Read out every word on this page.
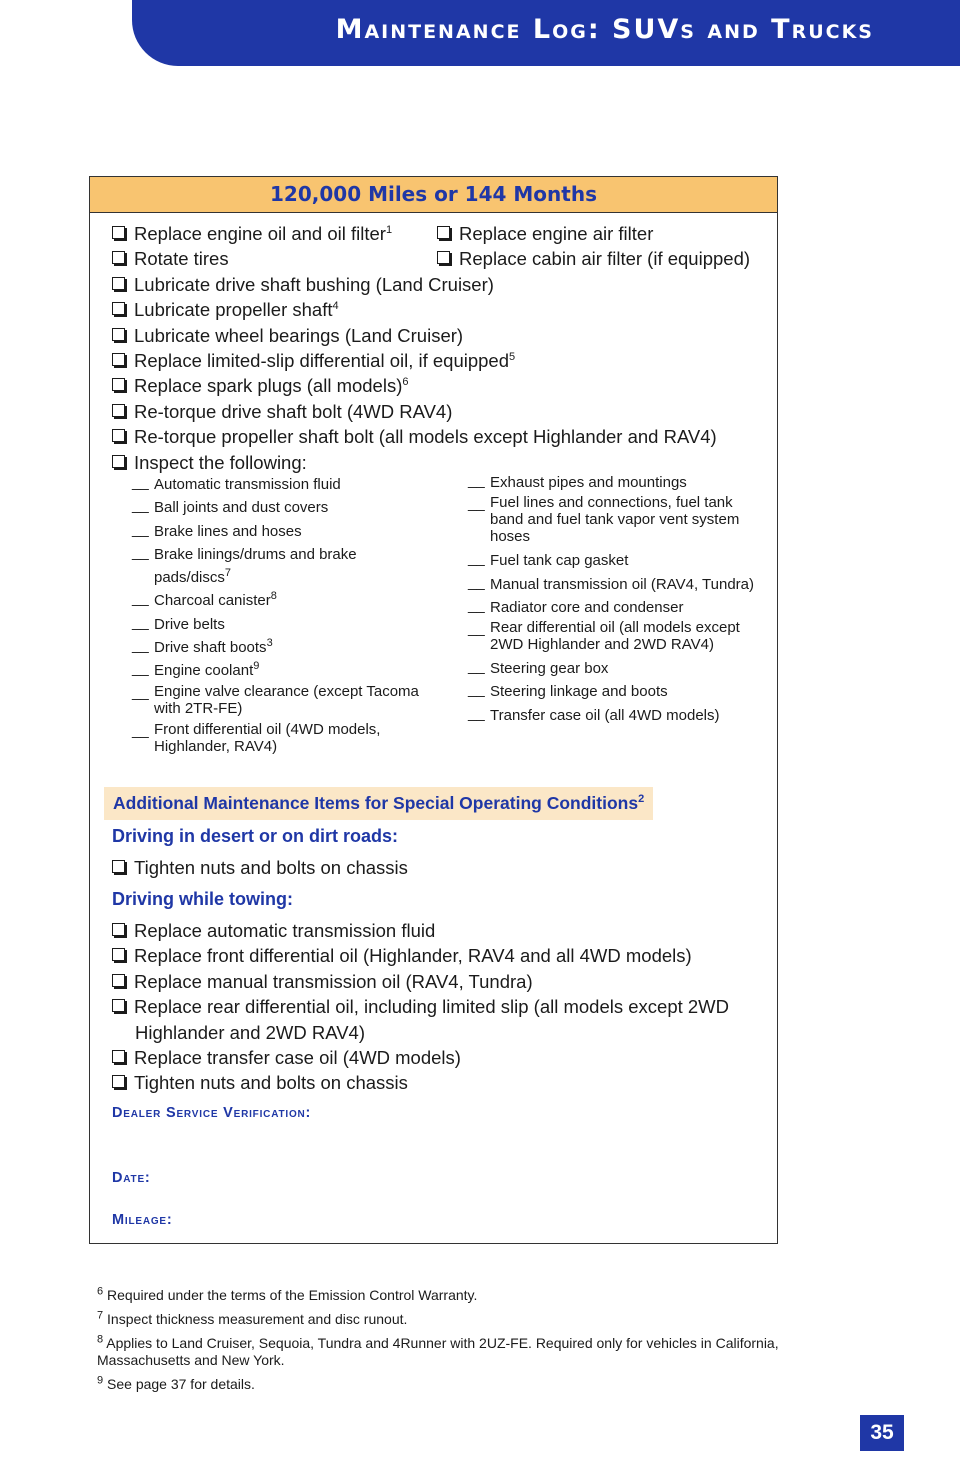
Maintenance Log: SUVs and Trucks
120,000 Miles or 144 Months
Replace engine oil and oil filter$^1$
Rotate tires
Lubricate drive shaft bushing (Land Cruiser)
Lubricate propeller shaft$^4$
Lubricate wheel bearings (Land Cruiser)
Replace limited-slip differential oil, if equipped$^5$
Replace spark plugs (all models)$^6$
Re-torque drive shaft bolt (4WD RAV4)
Re-torque propeller shaft bolt (all models except Highlander and RAV4)
Inspect the following:
Replace engine air filter
Replace cabin air filter (if equipped)
__ Automatic transmission fluid
__ Ball joints and dust covers
__ Brake lines and hoses
__ Brake linings/drums and brake pads/discs$^7$
__ Charcoal canister$^8$
__ Drive belts
__ Drive shaft boots$^3$
__ Engine coolant$^9$
__ Engine valve clearance (except Tacoma with 2TR-FE)
__ Front differential oil (4WD models, Highlander, RAV4)
__ Exhaust pipes and mountings
__ Fuel lines and connections, fuel tank band and fuel tank vapor vent system hoses
__ Fuel tank cap gasket
__ Manual transmission oil (RAV4, Tundra)
__ Radiator core and condenser
__ Rear differential oil (all models except 2WD Highlander and 2WD RAV4)
__ Steering gear box
__ Steering linkage and boots
__ Transfer case oil (all 4WD models)
Additional Maintenance Items for Special Operating Conditions$^2$
Driving in desert or on dirt roads:
Tighten nuts and bolts on chassis
Driving while towing:
Replace automatic transmission fluid
Replace front differential oil (Highlander, RAV4 and all 4WD models)
Replace manual transmission oil (RAV4, Tundra)
Replace rear differential oil, including limited slip (all models except 2WD Highlander and 2WD RAV4)
Replace transfer case oil (4WD models)
Tighten nuts and bolts on chassis
Dealer Service Verification:
Date:
Mileage:
$^6$ Required under the terms of the Emission Control Warranty.
$^7$ Inspect thickness measurement and disc runout.
$^8$ Applies to Land Cruiser, Sequoia, Tundra and 4Runner with 2UZ-FE. Required only for vehicles in California, Massachusetts and New York.
$^9$ See page 37 for details.
35
